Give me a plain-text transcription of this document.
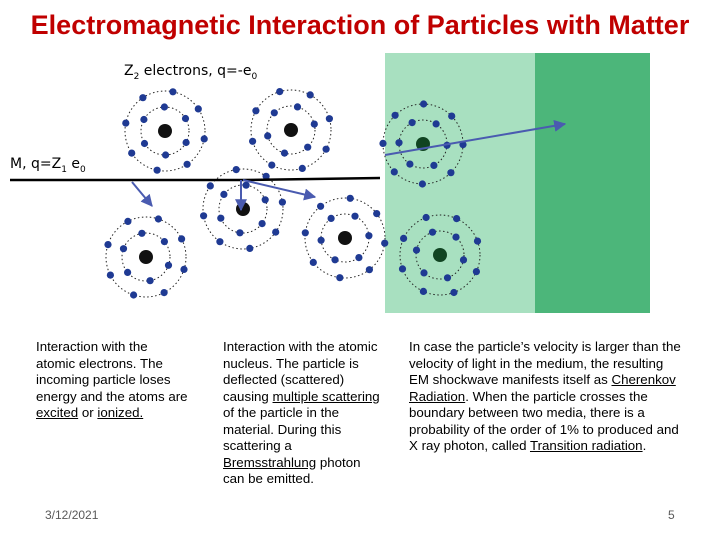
Electromagnetic Interaction of Particles with Matter
$Z_2$ electrons, $q=-e_0$
M, $q=Z_1$ $e_0$
Interaction with the atomic electrons. The incoming particle loses energy and the atoms are excited or ionized.
Interaction with the atomic nucleus. The particle is deflected (scattered) causing multiple scattering of the particle in the material. During this scattering a Bremsstrahlung photon can be emitted.
In case the particle’s velocity is larger than the velocity of light in the medium, the resulting EM shockwave manifests itself as Cherenkov Radiation. When the particle crosses the boundary between two media, there is a probability of the order of 1% to produced and X ray photon, called Transition radiation.
3/12/2021	5
